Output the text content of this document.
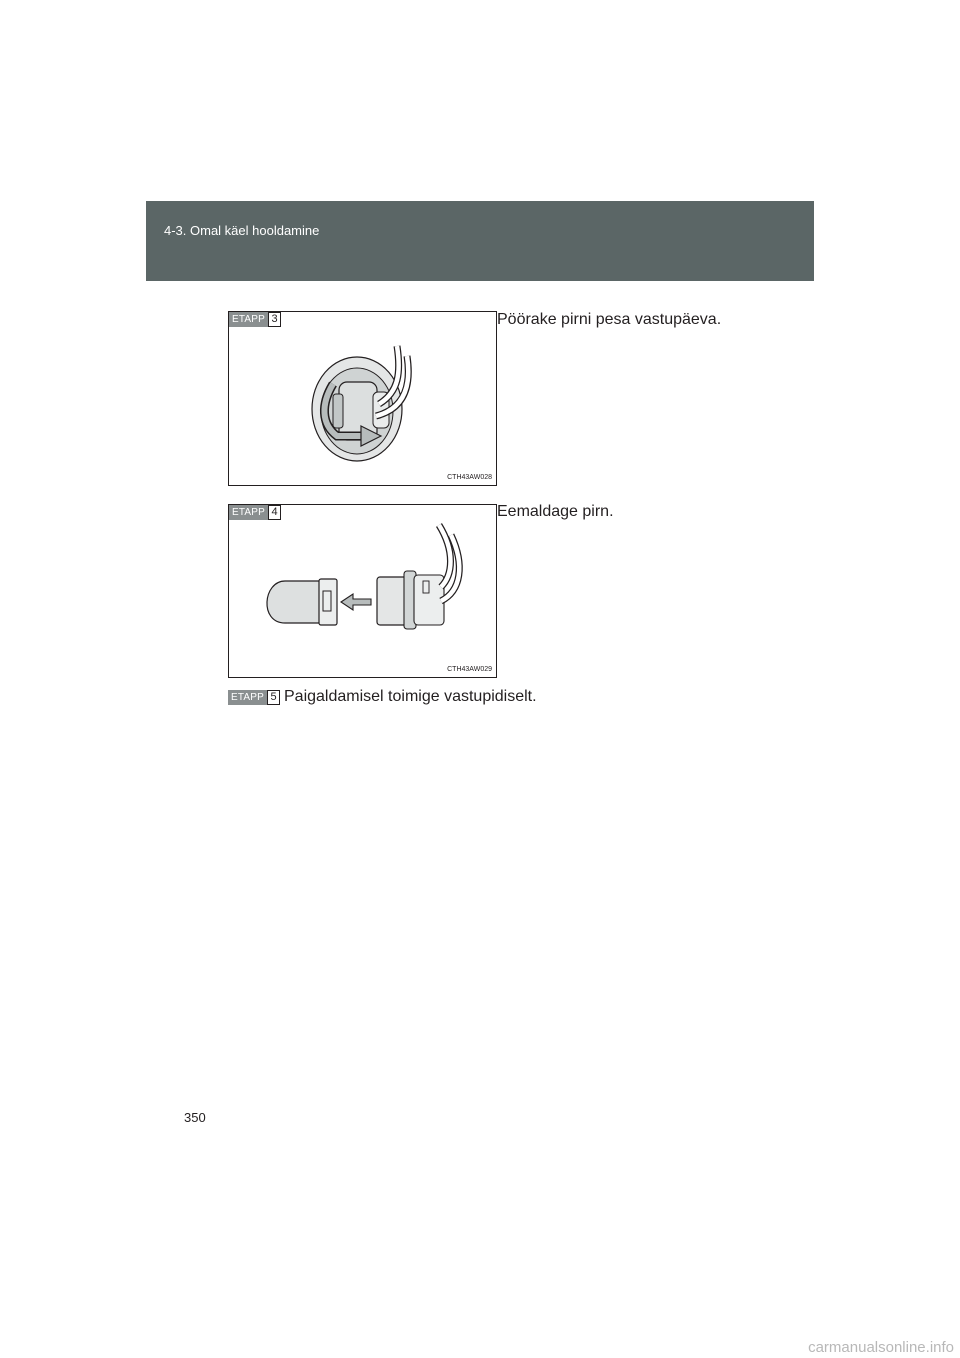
4-3. Omal käel hooldamine
ETAPP 3
CTH43AW028
Pöörake pirni pesa vastupäeva.
ETAPP 4
CTH43AW029
Eemaldage pirn.
ETAPP 5 Paigaldamisel toimige vastupidiselt.
350
carmanualsonline.info
